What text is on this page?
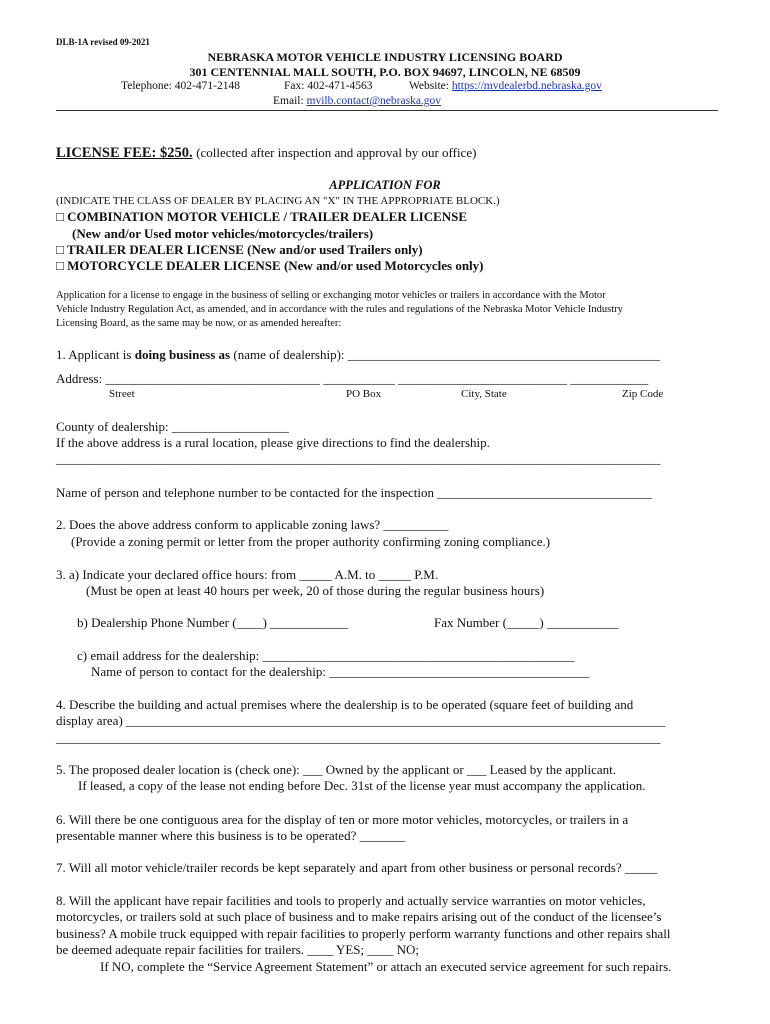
DLB-1A revised 09-2021
NEBRASKA MOTOR VEHICLE INDUSTRY LICENSING BOARD
301 CENTENNIAL MALL SOUTH, P.O. BOX 94697, LINCOLN, NE 68509
Telephone: 402-471-2148	Fax: 402-471-4563	Website: https://mvdealerbd.nebraska.gov
Email: mvilb.contact@nebraska.gov
LICENSE FEE: $250. (collected after inspection and approval by our office)
APPLICATION FOR
(INDICATE THE CLASS OF DEALER BY PLACING AN "X" IN THE APPROPRIATE BLOCK.)
□ COMBINATION MOTOR VEHICLE / TRAILER DEALER LICENSE
(New and/or Used motor vehicles/motorcycles/trailers)
□ TRAILER DEALER LICENSE (New and/or used Trailers only)
□ MOTORCYCLE DEALER LICENSE (New and/or used Motorcycles only)
Application for a license to engage in the business of selling or exchanging motor vehicles or trailers in accordance with the Motor
Vehicle Industry Regulation Act, as amended, and in accordance with the rules and regulations of the Nebraska Motor Vehicle Industry
Licensing Board, as the same may be now, or as amended hereafter:
1. Applicant is doing business as (name of dealership): ________________________________________________
Address: _________________________________ ___________ __________________________ ____________
Street	PO Box	City, State	Zip Code
County of dealership: __________________
If the above address is a rural location, please give directions to find the dealership.
_____________________________________________________________________________________________
Name of person and telephone number to be contacted for the inspection _________________________________
2. Does the above address conform to applicable zoning laws? __________
(Provide a zoning permit or letter from the proper authority confirming zoning compliance.)
3. a) Indicate your declared office hours: from _____ A.M. to _____ P.M.
(Must be open at least 40 hours per week, 20 of those during the regular business hours)
b) Dealership Phone Number (____) ____________	Fax Number (_____) ___________
c) email address for the dealership: ________________________________________________
Name of person to contact for the dealership: ________________________________________
4. Describe the building and actual premises where the dealership is to be operated (square feet of building and
display area) ___________________________________________________________________________________
_____________________________________________________________________________________________
5. The proposed dealer location is (check one): ___ Owned by the applicant or ___ Leased by the applicant.
If leased, a copy of the lease not ending before Dec. 31st of the license year must accompany the application.
6. Will there be one contiguous area for the display of ten or more motor vehicles, motorcycles, or trailers in a
presentable manner where this business is to be operated? _______
7. Will all motor vehicle/trailer records be kept separately and apart from other business or personal records? _____
8. Will the applicant have repair facilities and tools to properly and actually service warranties on motor vehicles,
motorcycles, or trailers sold at such place of business and to make repairs arising out of the conduct of the licensee’s
business? A mobile truck equipped with repair facilities to properly perform warranty functions and other repairs shall
be deemed adequate repair facilities for trailers. ____ YES; ____ NO;
If NO, complete the “Service Agreement Statement” or attach an executed service agreement for such repairs.
